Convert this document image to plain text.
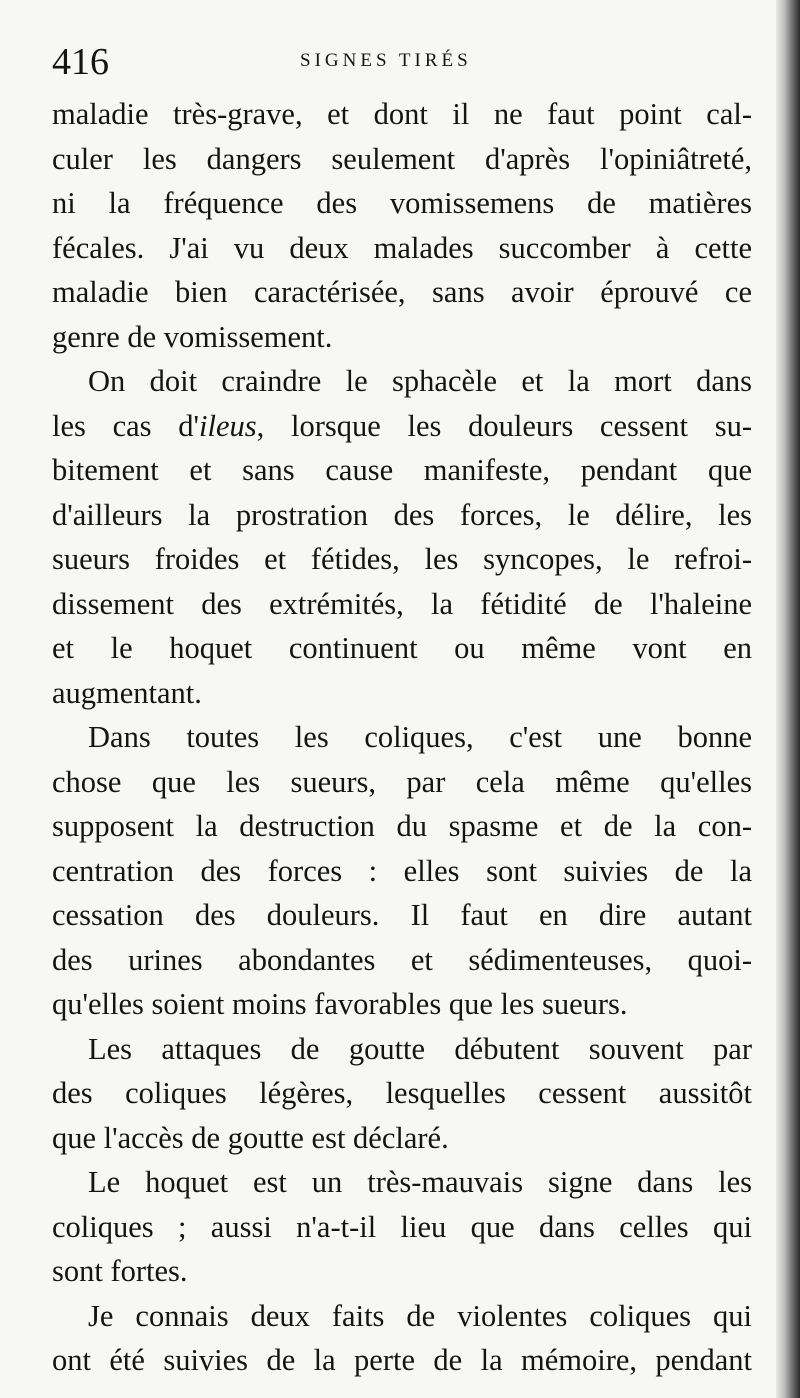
416	SIGNES TIRÉS
maladie très-grave, et dont il ne faut point cal-
culer les dangers seulement d'après l'opiniâtreté,
ni la fréquence des vomissemens de matières
fécales. J'ai vu deux malades succomber à cette
maladie bien caractérisée, sans avoir éprouvé ce
genre de vomissement.
On doit craindre le sphacèle et la mort dans
les cas d'ileus, lorsque les douleurs cessent su-
bitement et sans cause manifeste, pendant que
d'ailleurs la prostration des forces, le délire, les
sueurs froides et fétides, les syncopes, le refroi-
dissement des extrémités, la fétidité de l'haleine
et le hoquet continuent ou même vont en
augmentant.
Dans toutes les coliques, c'est une bonne
chose que les sueurs, par cela même qu'elles
supposent la destruction du spasme et de la con-
centration des forces : elles sont suivies de la
cessation des douleurs. Il faut en dire autant
des urines abondantes et sédimenteuses, quoi-
qu'elles soient moins favorables que les sueurs.
Les attaques de goutte débutent souvent par
des coliques légères, lesquelles cessent aussitôt
que l'accès de goutte est déclaré.
Le hoquet est un très-mauvais signe dans les
coliques ; aussi n'a-t-il lieu que dans celles qui
sont fortes.
Je connais deux faits de violentes coliques qui
ont été suivies de la perte de la mémoire, pendant
